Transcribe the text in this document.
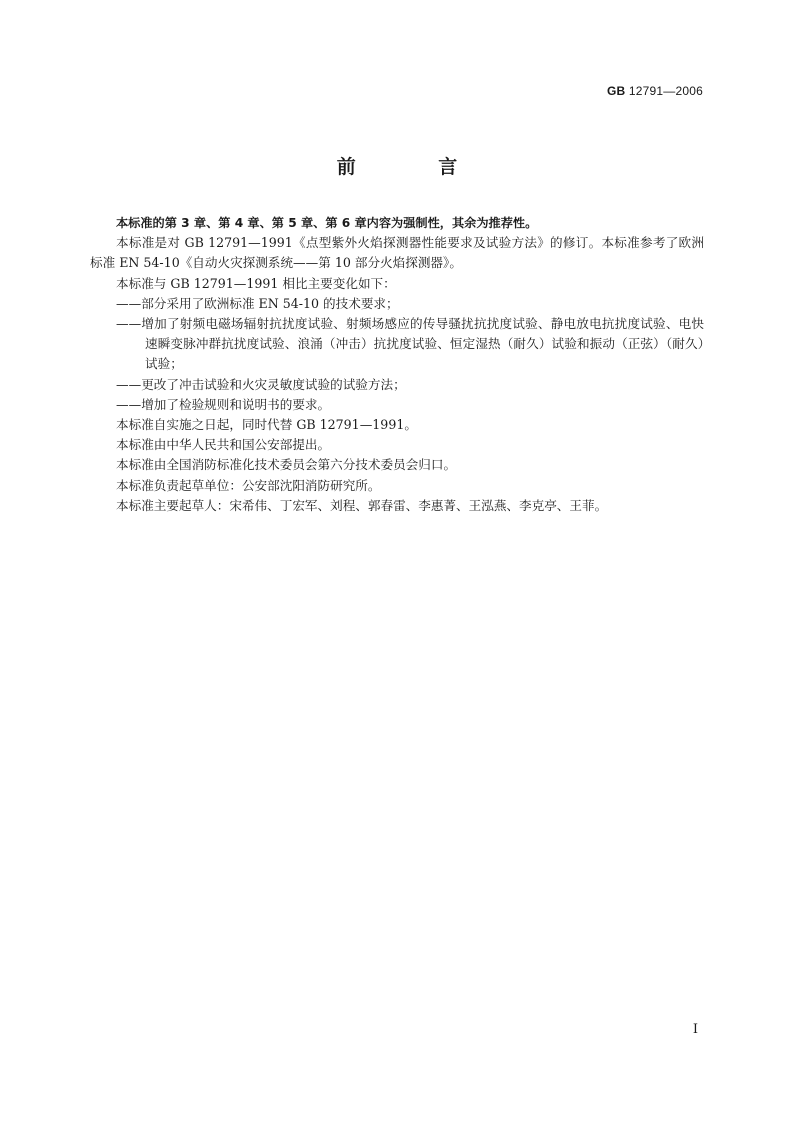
GB 12791—2006
前 言

本标准的第 3 章、第 4 章、第 5 章、第 6 章内容为强制性，其余为推荐性。

本标准是对 GB 12791—1991《点型紫外火焰探测器性能要求及试验方法》的修订。本标准参考了欧洲标准 EN 54-10《自动火灾探测系统——第 10 部分火焰探测器》。

本标准与 GB 12791—1991 相比主要变化如下：

——部分采用了欧洲标准 EN 54-10 的技术要求；

——增加了射频电磁场辐射抗扰度试验、射频场感应的传导骚扰抗扰度试验、静电放电抗扰度试验、电快速瞬变脉冲群抗扰度试验、浪涌（冲击）抗扰度试验、恒定湿热（耐久）试验和振动（正弦）（耐久）试验；

——更改了冲击试验和火灾灵敏度试验的试验方法；

——增加了检验规则和说明书的要求。

本标准自实施之日起，同时代替 GB 12791—1991。

本标准由中华人民共和国公安部提出。

本标准由全国消防标准化技术委员会第六分技术委员会归口。

本标准负责起草单位：公安部沈阳消防研究所。

本标准主要起草人：宋希伟、丁宏军、刘程、郭春雷、李惠菁、王泓燕、李克亭、王菲。

I
